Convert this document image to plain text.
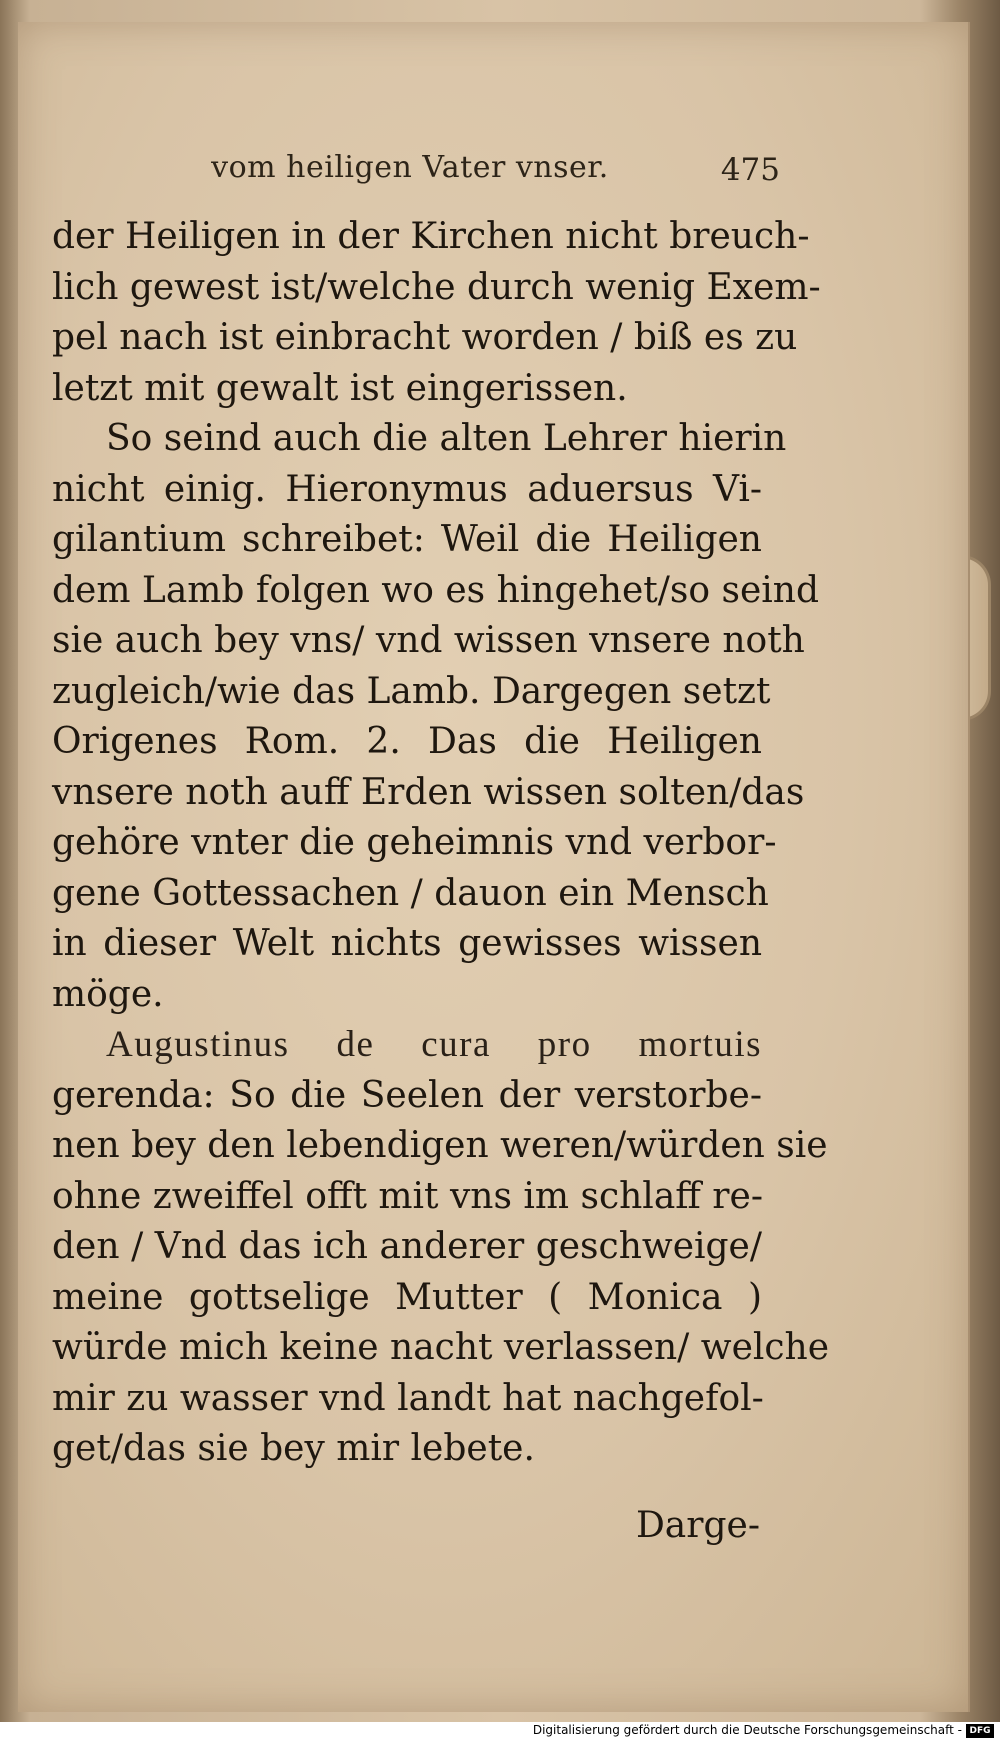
vom heiligen Vater vnser.	475
der Heiligen in der Kirchen nicht breuch-
lich gewest ist/welche durch wenig Exem-
pel nach ist einbracht worden / biß es zu
letzt mit gewalt ist eingerissen.
So seind auch die alten Lehrer hierin
nicht einig. Hieronymus aduersus Vi-
gilantium schreibet: Weil die Heiligen
dem Lamb folgen wo es hingehet/so seind
sie auch bey vns/ vnd wissen vnsere noth
zugleich/wie das Lamb. Dargegen setzt
Origenes Rom. 2. Das die Heiligen
vnsere noth auff Erden wissen solten/das
gehöre vnter die geheimnis vnd verbor-
gene Gottessachen / dauon ein Mensch
in dieser Welt nichts gewisses wissen
möge.
Augustinus de cura pro mortuis
gerenda: So die Seelen der verstorbe-
nen bey den lebendigen weren/würden sie
ohne zweiffel offt mit vns im schlaff re-
den / Vnd das ich anderer geschweige/
meine gottselige Mutter ( Monica )
würde mich keine nacht verlassen/ welche
mir zu wasser vnd landt hat nachgefol-
get/das sie bey mir lebete.
Darge-
Digitalisierung gefördert durch die Deutsche Forschungsgemeinschaft - DFG
